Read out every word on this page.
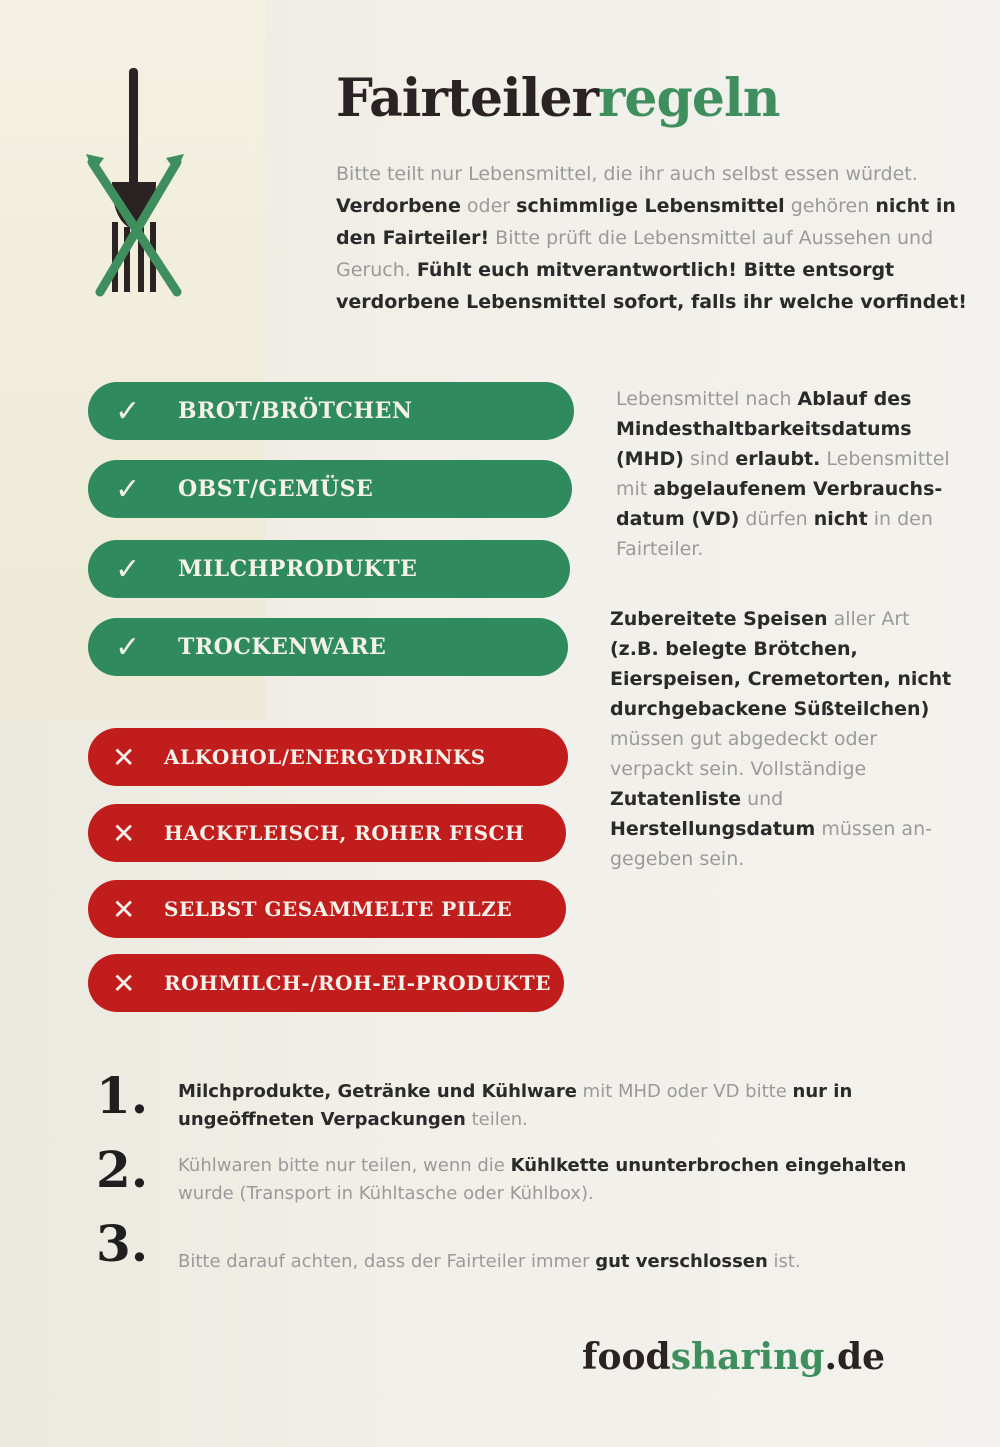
Fairteilerregeln
Bitte teilt nur Lebensmittel, die ihr auch selbst essen würdet. Verdorbene oder schimmlige Lebensmittel gehören nicht in den Fairteiler! Bitte prüft die Lebensmittel auf Aussehen und Geruch. Fühlt euch mitverantwortlich! Bitte entsorgt verdorbene Lebensmittel sofort, falls ihr welche vorfindet!
✓	BROT/BRÖTCHEN
✓	OBST/GEMÜSE
✓	MILCHPRODUKTE
✓	TROCKENWARE
✕	ALKOHOL/ENERGYDRINKS
✕	HACKFLEISCH, ROHER FISCH
✕	SELBST GESAMMELTE PILZE
✕	ROHMILCH-/ROH-EI-PRODUKTE
Lebensmittel nach Ablauf des Mindesthaltbarkeitsdatums (MHD) sind erlaubt. Lebensmittel mit abgelaufenem Verbrauchsdatum (VD) dürfen nicht in den Fairteiler.
Zubereitete Speisen aller Art (z.B. belegte Brötchen, Eierspeisen, Cremetorten, nicht durchgebackene Süßteilchen) müssen gut abgedeckt oder verpackt sein. Vollständige Zutatenliste und Herstellungsdatum müssen angegeben sein.
1. Milchprodukte, Getränke und Kühlware mit MHD oder VD bitte nur in ungeöffneten Verpackungen teilen.
2. Kühlwaren bitte nur teilen, wenn die Kühlkette ununterbrochen eingehalten wurde (Transport in Kühltasche oder Kühlbox).
3. Bitte darauf achten, dass der Fairteiler immer gut verschlossen ist.
foodsharing.de
